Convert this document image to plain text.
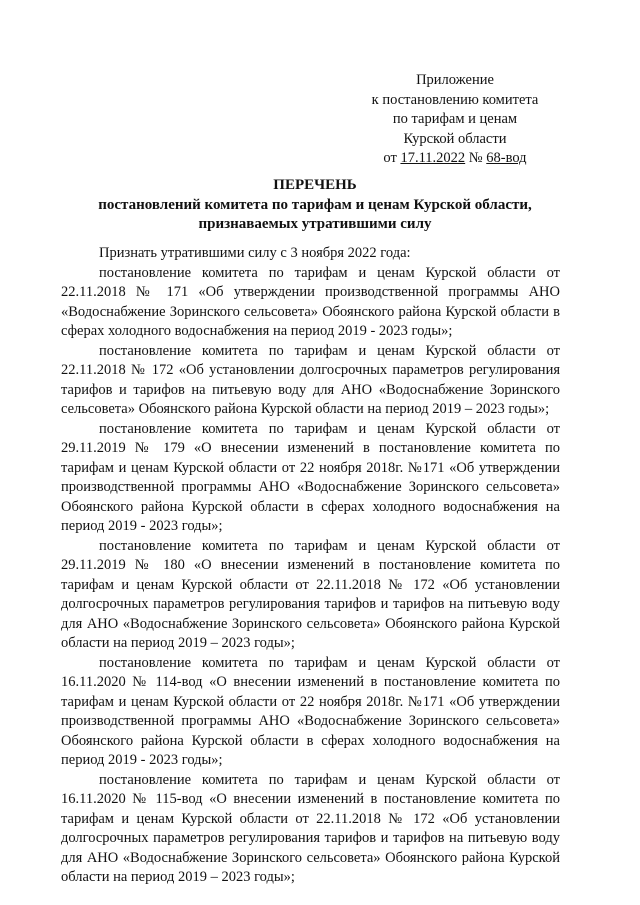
Приложение
к постановлению комитета
по тарифам и ценам
Курской области
от 17.11.2022 № 68-вод
ПЕРЕЧЕНЬ
постановлений комитета по тарифам и ценам Курской области,
признаваемых утратившими силу

Признать утратившими силу с 3 ноября 2022 года:

постановление комитета по тарифам и ценам Курской области от 22.11.2018 № 171 «Об утверждении производственной программы АНО «Водоснабжение Зоринского сельсовета» Обоянского района Курской области в сферах холодного водоснабжения на период 2019 - 2023 годы»;

постановление комитета по тарифам и ценам Курской области от 22.11.2018 № 172 «Об установлении долгосрочных параметров регулирования тарифов и тарифов на питьевую воду для АНО «Водоснабжение Зоринского сельсовета» Обоянского района Курской области на период 2019 – 2023 годы»;

постановление комитета по тарифам и ценам Курской области от 29.11.2019 № 179 «О внесении изменений в постановление комитета по тарифам и ценам Курской области от 22 ноября 2018г. №171 «Об утверждении производственной программы АНО «Водоснабжение Зоринского сельсовета» Обоянского района Курской области в сферах холодного водоснабжения на период 2019 - 2023 годы»;

постановление комитета по тарифам и ценам Курской области от 29.11.2019 № 180 «О внесении изменений в постановление комитета по тарифам и ценам Курской области от 22.11.2018 № 172 «Об установлении долгосрочных параметров регулирования тарифов и тарифов на питьевую воду для АНО «Водоснабжение Зоринского сельсовета» Обоянского района Курской области на период 2019 – 2023 годы»;

постановление комитета по тарифам и ценам Курской области от 16.11.2020 № 114-вод «О внесении изменений в постановление комитета по тарифам и ценам Курской области от 22 ноября 2018г. №171 «Об утверждении производственной программы АНО «Водоснабжение Зоринского сельсовета» Обоянского района Курской области в сферах холодного водоснабжения на период 2019 - 2023 годы»;

постановление комитета по тарифам и ценам Курской области от 16.11.2020 № 115-вод «О внесении изменений в постановление комитета по тарифам и ценам Курской области от 22.11.2018 № 172 «Об установлении долгосрочных параметров регулирования тарифов и тарифов на питьевую воду для АНО «Водоснабжение Зоринского сельсовета» Обоянского района Курской области на период 2019 – 2023 годы»;
